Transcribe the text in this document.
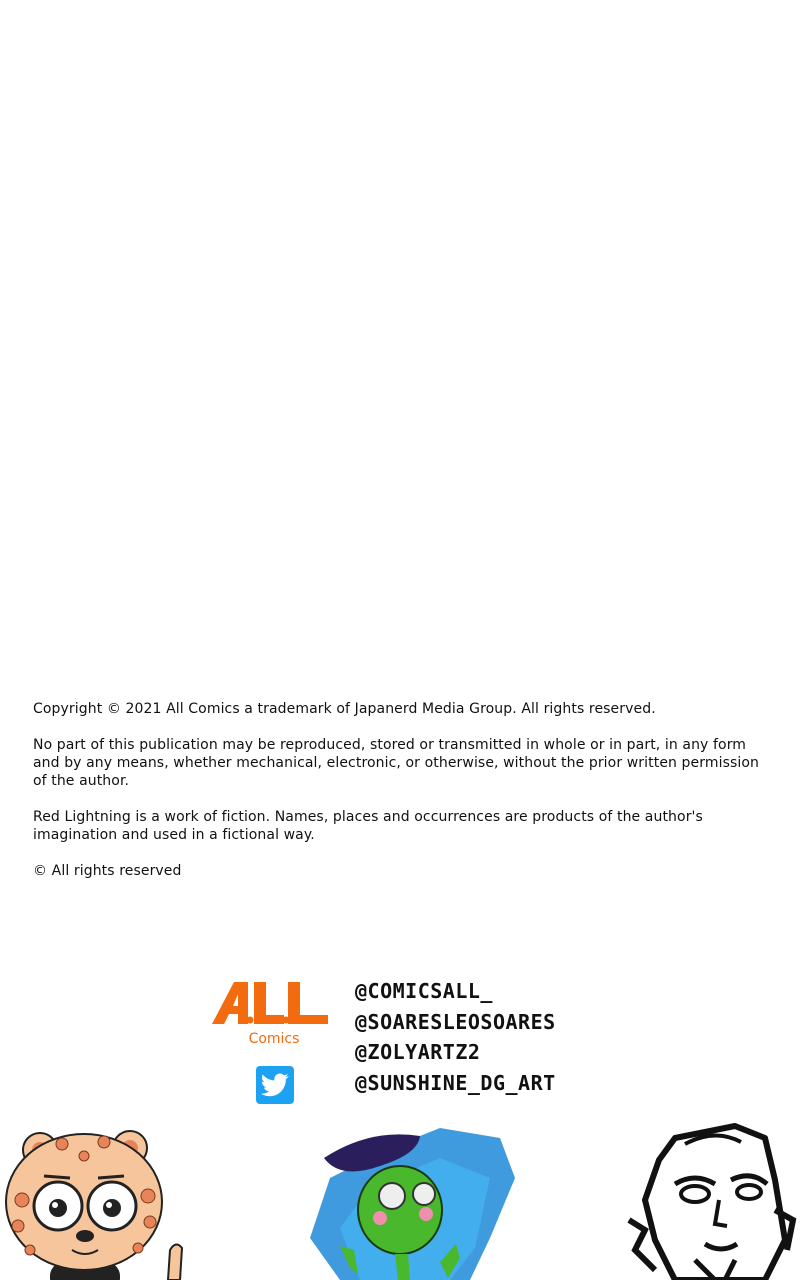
Copyright © 2021 All Comics a trademark of Japanerd Media Group. All rights reserved.

No part of this publication may be reproduced, stored or transmitted in whole or in part, in any form and by any means, whether mechanical, electronic, or otherwise, without the prior written permission of the author.

Red Lightning is a work of fiction. Names, places and occurrences are products of the author's imagination and used in a fictional way.

© All rights reserved

Comics
@COMICSALL_
@SOARESLEOSOARES
@ZOLYARTZ2
@SUNSHINE_DG_ART
